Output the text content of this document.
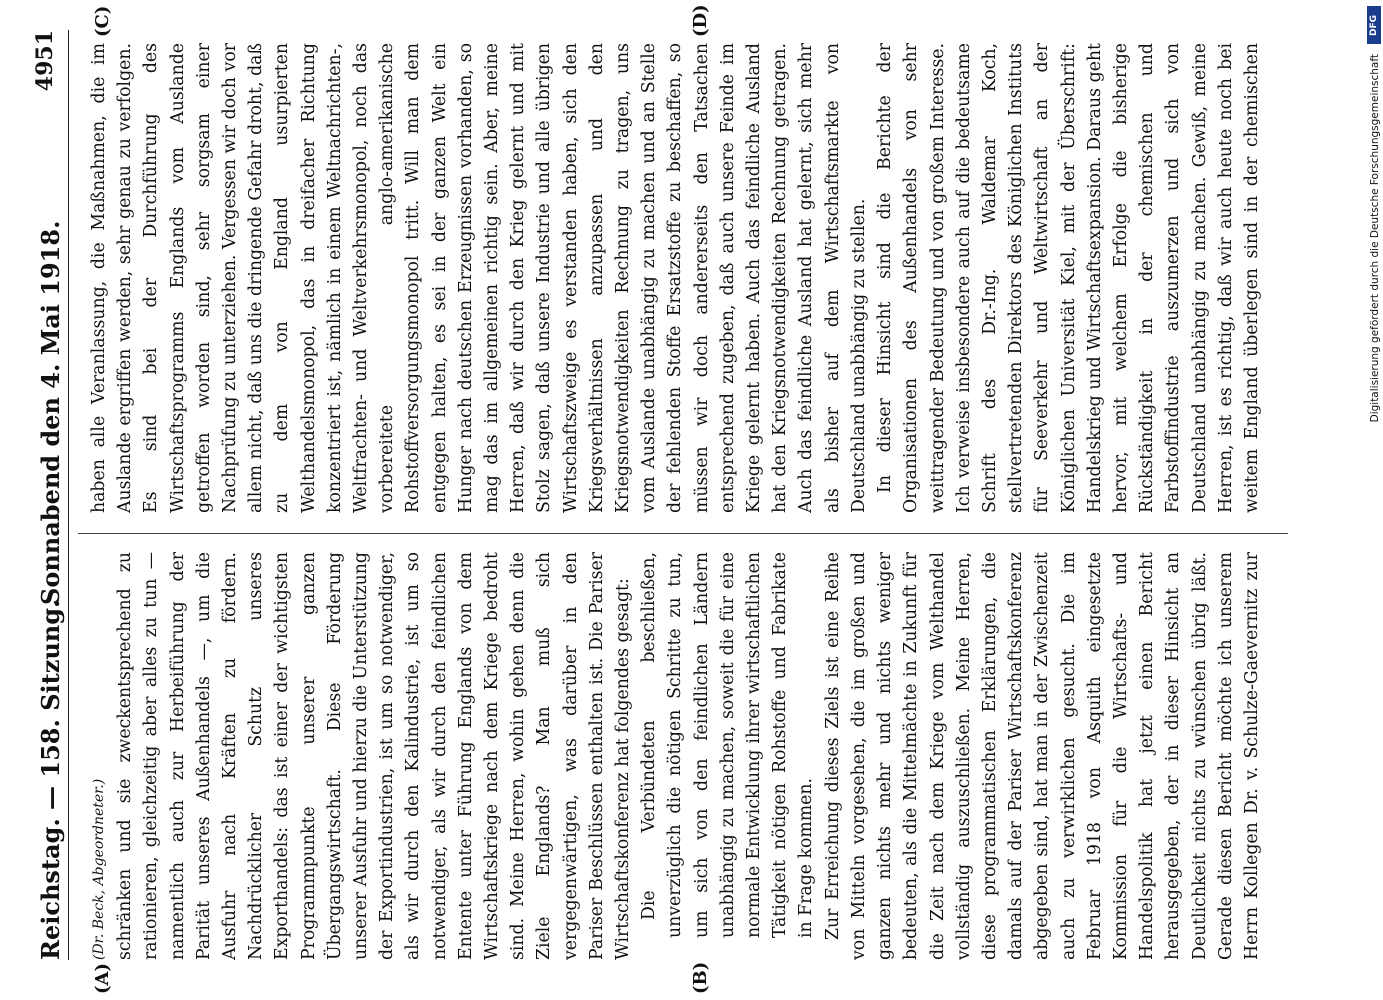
Reichstag. — 158. Sitzung.
Sonnabend den 4. Mai 1918.
4951
(A)	(B)
(C)	(D)

(Dr. Beck, Abgeordneter.) schränken und sie zweckentsprechend zu rationieren, gleichzeitig aber alles zu tun — namentlich auch zur Herbeiführung der Parität unseres Außenhandels —, um die Ausfuhr nach Kräften zu fördern. Nachdrücklicher Schutz unseres Exporthandels: das ist einer der wichtigsten Programmpunkte unserer ganzen Übergangswirtschaft. Diese Förderung unserer Ausfuhr und hierzu die Unterstützung der Exportindustrien, ist um so notwendiger, als wir durch den Kalindustrie, ist um so notwendiger, als wir durch den feindlichen Entente unter Führung Englands von dem Wirtschaftskriege nach dem Kriege bedroht sind. Meine Herren, wohin gehen denn die Ziele Englands? Man muß sich vergegenwärtigen, was darüber in den Pariser Beschlüssen enthalten ist. Die Pariser Wirtschaftskonferenz hat folgendes gesagt: Die Verbündeten beschließen, unverzüglich die nötigen Schritte zu tun, um sich von den feindlichen Ländern unabhängig zu machen, soweit die für eine normale Entwicklung ihrer wirtschaftlichen Tätigkeit nötigen Rohstoffe und Fabrikate in Frage kommen. Zur Erreichung dieses Ziels ist eine Reihe von Mitteln vorgesehen, die im großen und ganzen nichts mehr und nichts weniger bedeuten, als die Mittelmächte in Zukunft für die Zeit nach dem Kriege vom Welthandel vollständig auszuschließen. Meine Herren, diese programmatischen Erklärungen, die damals auf der Pariser Wirtschaftskonferenz abgegeben sind, hat man in der Zwischenzeit auch zu verwirklichen gesucht. Die im Februar 1918 von Asquith eingesetzte Kommission für die Wirtschafts- und Handelspolitik hat jetzt einen Bericht herausgegeben, der in dieser Hinsicht an Deutlichkeit nichts zu wünschen übrig läßt. Gerade diesen Bericht möchte ich unserem Herrn Kollegen Dr. v. Schulze-Gaevernitz zur

haben alle Veranlassung, die Maßnahmen, die im Auslande ergriffen werden, sehr genau zu verfolgen. Es sind bei der Durchführung des Wirtschaftsprogramms Englands vom Auslande getroffen worden sind, sehr sorgsam einer Nachprüfung zu unterziehen. Vergessen wir doch vor allem nicht, daß uns die dringende Gefahr droht, daß zu dem von England usurpierten Welthandelsmonopol, das in dreifacher Richtung konzentriert ist, nämlich in einem Weltnachrichten-, Weltfrachten- und Weltverkehrsmonopol, noch das vorbereitete anglo-amerikanische Rohstoffversorgungsmonopol tritt. Will man dem entgegen halten, es sei in der ganzen Welt ein Hunger nach deutschen Erzeugnissen vorhanden, so mag das im allgemeinen richtig sein. Aber, meine Herren, daß wir durch den Krieg gelernt und mit Stolz sagen, daß unsere Industrie und alle übrigen Wirtschaftszweige es verstanden haben, sich den Kriegsverhältnissen anzupassen und den Kriegsnotwendigkeiten Rechnung zu tragen, uns vom Auslande unabhängig zu machen und an Stelle der fehlenden Stoffe Ersatzstoffe zu beschaffen, so müssen wir doch andererseits den Tatsachen entsprechend zugeben, daß auch unsere Feinde im Kriege gelernt haben. Auch das feindliche Ausland hat den Kriegsnotwendigkeiten Rechnung getragen. Auch das feindliche Ausland hat gelernt, sich mehr als bisher auf dem Wirtschaftsmarkte von Deutschland unabhängig zu stellen. In dieser Hinsicht sind die Berichte der Organisationen des Außenhandels von sehr weittragender Bedeutung und von großem Interesse. Ich verweise insbesondere auch auf die bedeutsame Schrift des Dr.-Ing. Waldemar Koch, stellvertretenden Direktors des Königlichen Instituts für Seeverkehr und Weltwirtschaft an der Königlichen Universität Kiel, mit der Überschrift: Handelskrieg und Wirtschaftsexpansion. Daraus geht hervor, mit welchem Erfolge die bisherige Rückständigkeit in der chemischen und Farbstoffindustrie auszumerzen und sich von Deutschland unabhängig zu machen. Gewiß, meine Herren, ist es richtig, daß wir auch heute noch bei weitem England überlegen sind in der chemischen

DFG
Digitalisierung gefördert durch die Deutsche Forschungsgemeinschaft
